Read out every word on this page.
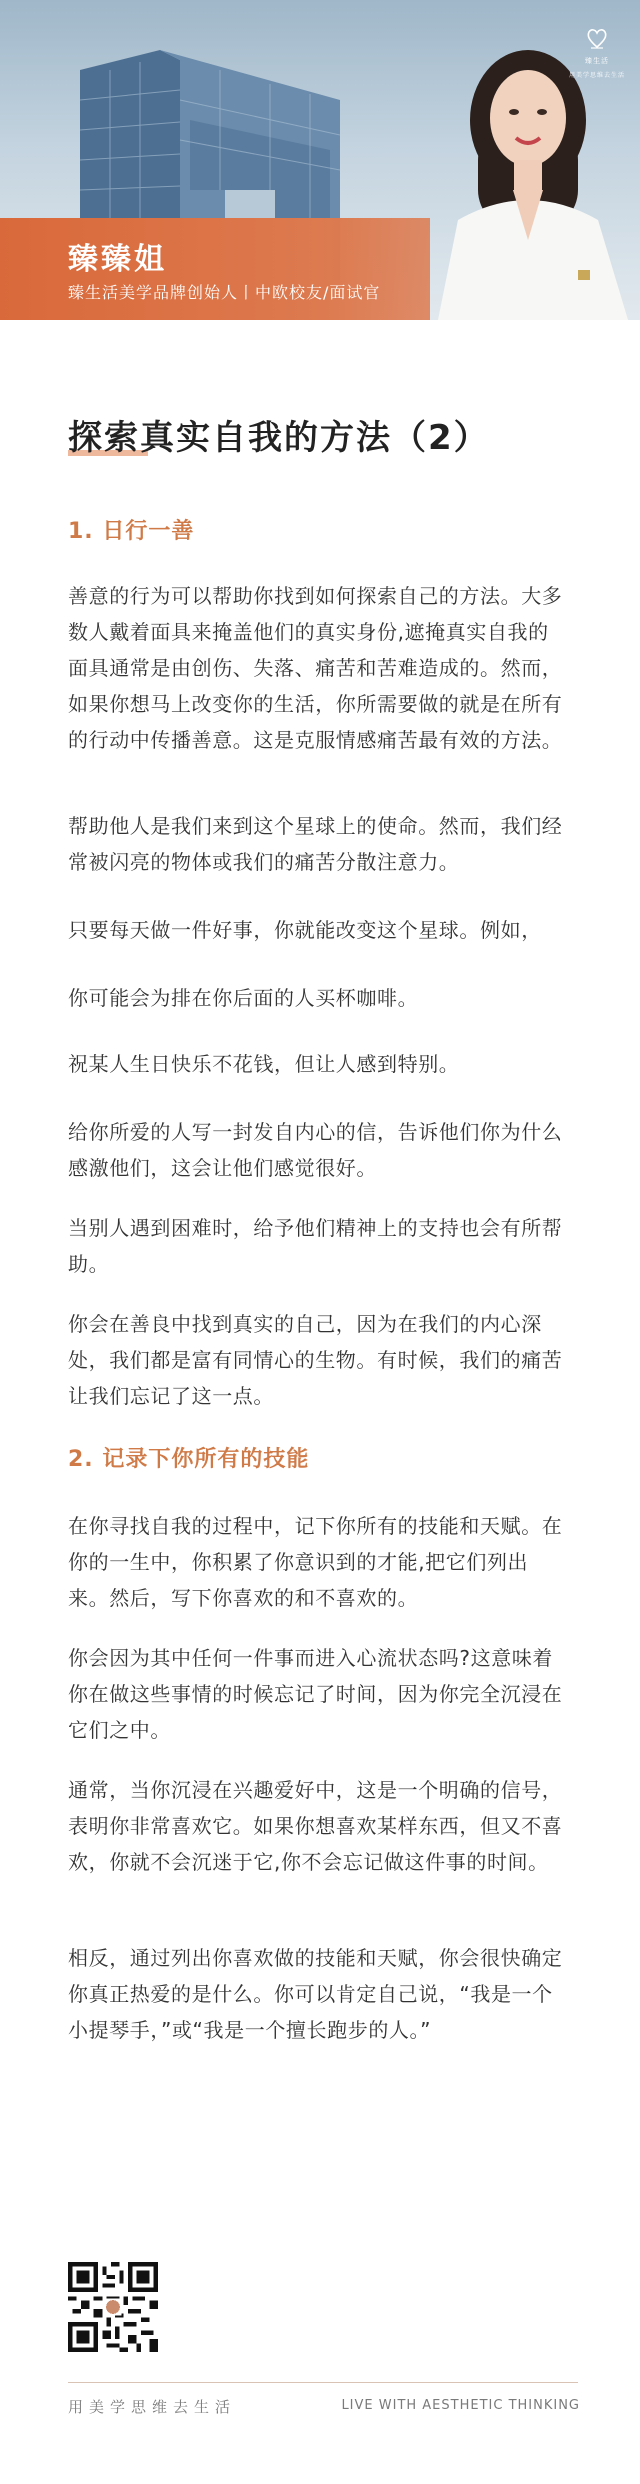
臻臻姐
臻生活美学品牌创始人丨中欧校友/面试官
臻生活
用美学思维去生活
探索真实自我的方法（2）
1. 日行一善

善意的行为可以帮助你找到如何探索自己的方法。大多数人戴着面具来掩盖他们的真实身份,遮掩真实自我的面具通常是由创伤、失落、痛苦和苦难造成的。然而，如果你想马上改变你的生活，你所需要做的就是在所有的行动中传播善意。这是克服情感痛苦最有效的方法。

帮助他人是我们来到这个星球上的使命。然而，我们经常被闪亮的物体或我们的痛苦分散注意力。

只要每天做一件好事，你就能改变这个星球。例如，

你可能会为排在你后面的人买杯咖啡。

祝某人生日快乐不花钱，但让人感到特别。

给你所爱的人写一封发自内心的信，告诉他们你为什么感激他们，这会让他们感觉很好。

当别人遇到困难时，给予他们精神上的支持也会有所帮助。

你会在善良中找到真实的自己，因为在我们的内心深处，我们都是富有同情心的生物。有时候，我们的痛苦让我们忘记了这一点。

2. 记录下你所有的技能

在你寻找自我的过程中，记下你所有的技能和天赋。在你的一生中，你积累了你意识到的才能,把它们列出来。然后，写下你喜欢的和不喜欢的。

你会因为其中任何一件事而进入心流状态吗?这意味着你在做这些事情的时候忘记了时间，因为你完全沉浸在它们之中。

通常，当你沉浸在兴趣爱好中，这是一个明确的信号，表明你非常喜欢它。如果你想喜欢某样东西，但又不喜欢，你就不会沉迷于它,你不会忘记做这件事的时间。

相反，通过列出你喜欢做的技能和天赋，你会很快确定你真正热爱的是什么。你可以肯定自己说，“我是一个小提琴手，”或“我是一个擅长跑步的人。”

用美学思维去生活	LIVE WITH AESTHETIC THINKING
